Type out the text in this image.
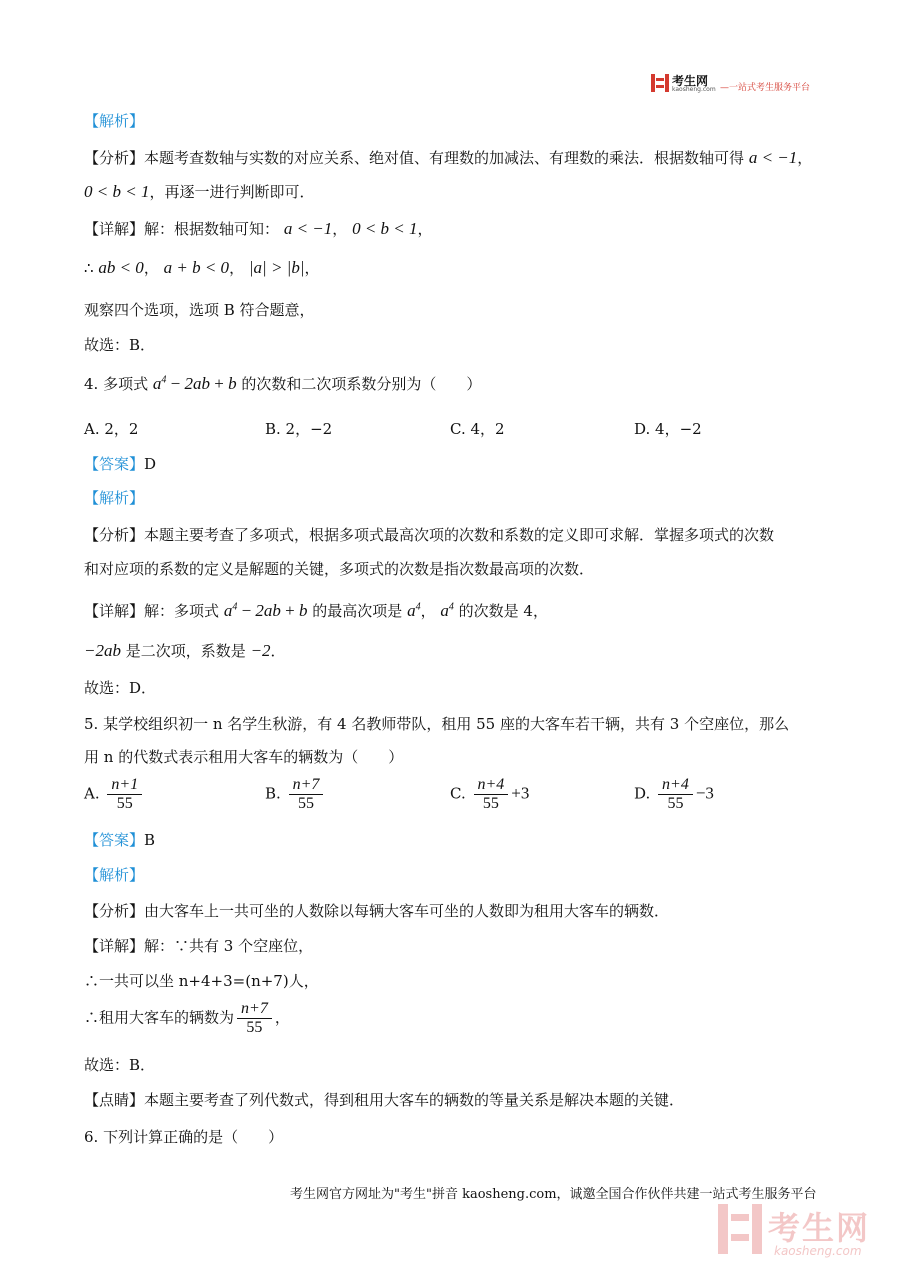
考生网
kaosheng.com —一站式考生服务平台
【解析】
【分析】本题考查数轴与实数的对应关系、绝对值、有理数的加减法、有理数的乘法．根据数轴可得 a < −1，
0 < b < 1，再逐一进行判断即可．
【详解】解：根据数轴可知： a < −1， 0 < b < 1，
∴ ab < 0， a + b < 0， |a| > |b|，
观察四个选项，选项 B 符合题意，
故选：B．
4. 多项式 $a^4 - 2ab + b$ 的次数和二次项系数分别为（　　）
A. 2，2	B. 2，−2	C. 4，2	D. 4，−2
【答案】D
【解析】
【分析】本题主要考查了多项式，根据多项式最高次项的次数和系数的定义即可求解．掌握多项式的次数
和对应项的系数的定义是解题的关键，多项式的次数是指次数最高项的次数．
【详解】解：多项式 $a^4 - 2ab + b$ 的最高次项是 $a^4$， $a^4$ 的次数是 4，
−2ab 是二次项，系数是 −2．
故选：D．
5. 某学校组织初一 n 名学生秋游，有 4 名教师带队，租用 55 座的大客车若干辆，共有 3 个空座位，那么
用 n 的代数式表示租用大客车的辆数为（　　）
A. $\frac{n+1}{55}$	B. $\frac{n+7}{55}$	C. $\frac{n+4}{55} +3$	D. $\frac{n+4}{55} -3$
【答案】B
【解析】
【分析】由大客车上一共可坐的人数除以每辆大客车可坐的人数即为租用大客车的辆数．
【详解】解：∵共有 3 个空座位，
∴一共可以坐 n+4+3=(n+7)人，
∴租用大客车的辆数为 $\frac{n+7}{55}$ ，
故选：B．
【点睛】本题主要考查了列代数式，得到租用大客车的辆数的等量关系是解决本题的关键．
6. 下列计算正确的是（　　）
考生网官方网址为"考生"拼音 kaosheng.com，诚邀全国合作伙伴共建一站式考生服务平台
考生网
kaosheng.com
